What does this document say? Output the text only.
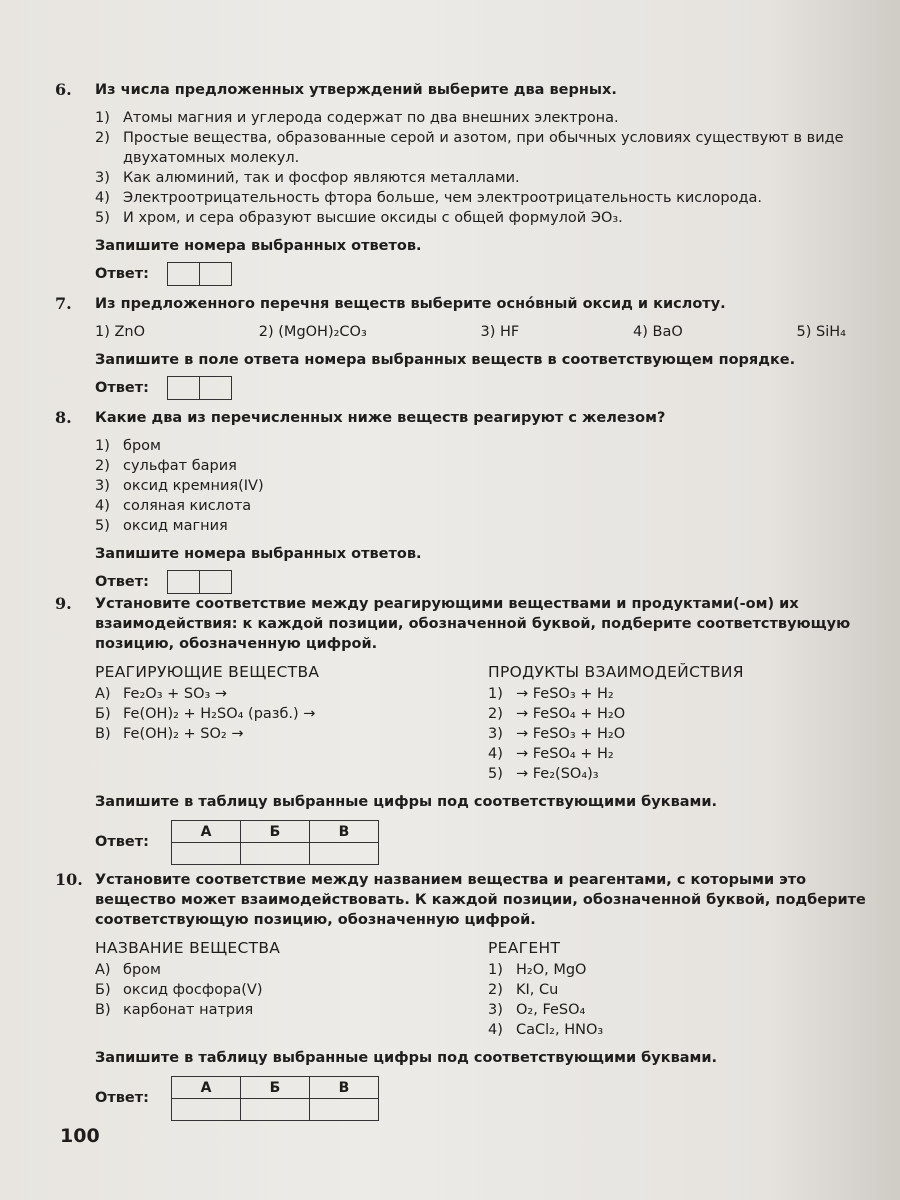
6.	Из числа предложенных утверждений выберите два верных.
1) Атомы магния и углерода содержат по два внешних электрона.
2) Простые вещества, образованные серой и азотом, при обычных условиях существуют в виде двухатомных молекул.
3) Как алюминий, так и фосфор являются металлами.
4) Электроотрицательность фтора больше, чем электроотрицательность кислорода.
5) И хром, и сера образуют высшие оксиды с общей формулой ЭО₃.
Запишите номера выбранных ответов.
Ответ:
7.	Из предложенного перечня веществ выберите осно́вный оксид и кислоту.
1) ZnO	2) (MgOH)₂CO₃	3) HF	4) BaO	5) SiH₄
Запишите в поле ответа номера выбранных веществ в соответствующем порядке.
Ответ:
8.	Какие два из перечисленных ниже веществ реагируют с железом?
1) бром
2) сульфат бария
3) оксид кремния(IV)
4) соляная кислота
5) оксид магния
Запишите номера выбранных ответов.
Ответ:
9.	Установите соответствие между реагирующими веществами и продуктами(-ом) их взаимодействия: к каждой позиции, обозначенной буквой, подберите соответствующую позицию, обозначенную цифрой.
РЕАГИРУЮЩИЕ ВЕЩЕСТВА
А) Fe₂O₃ + SO₃ →
Б) Fe(OH)₂ + H₂SO₄ (разб.) →
В) Fe(OH)₂ + SO₂ →
ПРОДУКТЫ ВЗАИМОДЕЙСТВИЯ
1) → FeSO₃ + H₂
2) → FeSO₄ + H₂O
3) → FeSO₃ + H₂O
4) → FeSO₄ + H₂
5) → Fe₂(SO₄)₃
Запишите в таблицу выбранные цифры под соответствующими буквами.
Ответ:
А	Б	В

10. Установите соответствие между названием вещества и реагентами, с которыми это вещество может взаимодействовать. К каждой позиции, обозначенной буквой, подберите соответствующую позицию, обозначенную цифрой.
НАЗВАНИЕ ВЕЩЕСТВА
А) бром
Б) оксид фосфора(V)
В) карбонат натрия
РЕАГЕНТ
1) H₂O, MgO
2) KI, Cu
3) O₂, FeSO₄
4) CaCl₂, HNO₃
Запишите в таблицу выбранные цифры под соответствующими буквами.
Ответ:
А	Б	В

100
